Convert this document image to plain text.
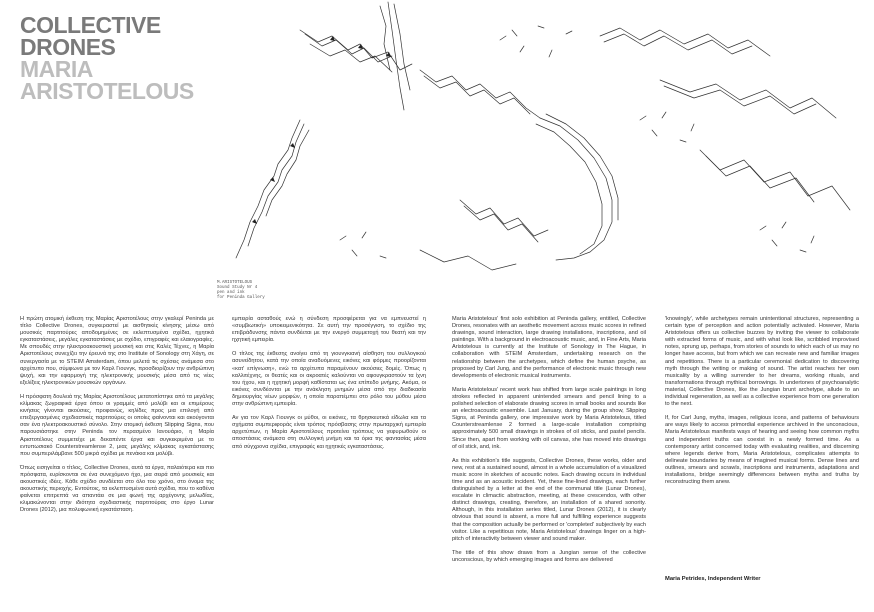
COLLECTIVE
DRONES
MARIA
ARISTOTELOUS
M.ARISTOTELOUS
Sound Study Nr 4
pen and ink
for Peninda Gallery

Η πρώτη ατομική έκθεση της Μαρίας Αριστοτέλους στην γκαλερί Peninda με τίτλο Collective Drones, συγκεραστεί με αισθητικές κίνησης μέσω από μουσικές παρτιτούρες αποδομημένες σε εκλεπτυσμένα σχέδια, ηχητικά εγκαταστάσεις, μεγάλες εγκαταστάσεις με σχέδιο, επιγραφές και ελαιογραφίες. Με σπουδές στην ηλεκτροακουστική μουσική και στις Καλές Τέχνες, η Μαρία Αριστοτέλους συνεχίζει την έρευνά της στο Institute of Sonology στη Χάγη, σε συνεργασία με το STEIM Amsterdam, όπου μελετά τις σχέσεις ανάμεσα στο αρχέτυπο που, σύμφωνα με τον Καρλ Γιουνγκ, προσδιορίζουν την ανθρώπινη ψυχή, και την εφαρμογή της ηλεκτρονικής μουσικής μέσα από τις νέες εξελίξεις ηλεκτρονικών μουσικών οργάνων.

Η πρόσφατη δουλειά της Μαρίας Αριστοτέλους μετατοπίστηκε από τα μεγάλης κλίμακας ζωγραφικά έργα όπου οι γραμμές από μολύβι και οι επιμέρους κινήσεις γίνονται ακούσιες, προφανώς, κηλίδες προς μια επιλογή από επεξεργασμένες σχεδιαστικές παρτιτούρες οι οποίες φαίνονται και ακούγονται σαν ένα ηλεκτροακουστικό σύνολο. Στην ατομική έκθεση Slipping Signs, που παρουσιάστηκε στην Peninda τον περασμένο Ιανουάριο, η Μαρία Αριστοτέλους συμμετείχε με δεκαπέντε έργα και συγκεκριμένα με το εντυπωσιακό Counterstreamlense 2, μιας μεγάλης κλίμακας εγκατάστασης που συμπεριλάμβανε 500 μικρά σχέδια με πενάκια και μολύβι.

Όπως εισηγείται ο τίτλος, Collective Drones, αυτά τα έργα, παλαιότερα και πιο πρόσφατα, ευρίσκονται σε ένα συνεχόμενο ήχο, μια σειρά από μουσικές και ακουστικές ιδέες. Κάθε σχέδιο συνδέεται στο όλο του χρόνο, στο όνομα της ακουστικής περιοχής. Εντούτοις, τα εκλεπτυσμένα αυτά σχέδια, που το καθένα φαίνεται επιτρεπτά να απαντάει σε μια φωνή της αρχέγονης μελωδίας, κλιμακώνονται στην ιδιότητα σχεδιαστικής παρτιτούρας στο έργο Lunar Drones (2012), μια πολυφωνική εγκατάσταση.

εμπειρία ασταθούς ενώ η σύνδεση προσφέρεται για να εμπνευστεί η «συμβιωτική» υποκειμενικότητα. Σε αυτή την προσέγγιση, το σχέδιο της επιβράδυνσης πάντα συνδέεται με την ενεργό συμμετοχή του θεατή και την ηχητική εμπειρία.

Ο τίτλος της έκθεσης ανοίγει από τη γιουνγκιανή αίσθηση του συλλογικού ασυνείδητου, κατά την οποία αναδυόμενες εικόνες και φόρμες προορίζονται «κατ' επίγνωση», ενώ τα αρχέτυπα παραμένουν ακούσιες δομές. Όπως η καλλιτέχνης, οι θεατές και οι ακροατές καλούνται να αφουγκραστούν τα ίχνη του ήχου, και η ηχητική μορφή καθίσταται ως ένα επίπεδο μνήμης. Ακόμα, οι εικόνες συνδέονται με την ανάκληση μνημών μέσα από την διαδικασία δημιουργίας νέων μορφών, η οποία παραπέμπει στο ρόλο του μύθου μέσα στην ανθρώπινη εμπειρία.

Αν για τον Καρλ Γιουνγκ οι μύθοι, οι εικόνες, τα θρησκευτικά είδωλα και τα σχήματα συμπεριφοράς είναι τρόπος πρόσβασης στην πρωταρχική εμπειρία αρχετύπων, η Μαρία Αριστοτέλους προτείνει τρόπους να γεφυρωθούν οι αποστάσεις ανάμεσα στη συλλογική μνήμη και τα όρια της φαντασίας μέσα από σύγχρονα σχέδια, επιγραφές και ηχητικές εγκαταστάσεις.

Maria Aristotelous' first solo exhibition at Peninda gallery, entitled, Collective Drones, resonates with an aesthetic movement across music scores in refined drawings, sound interaction, large drawing installations, inscriptions, and oil paintings. With a background in electroacoustic music, and, in Fine Arts, Maria Aristotelous is currently at the Institute of Sonology in The Hague, in collaboration with STEIM Amsterdam, undertaking research on the relationship between the archetypes, which define the human psyche, as proposed by Carl Jung, and the performance of electronic music through new developments of electronic musical instruments.

Maria Aristotelous' recent work has shifted from large scale paintings in long strokes reflected in apparent unintended smears and pencil lining to a polished selection of elaborate drawing scores in small books and sounds like an electroacoustic ensemble. Last January, during the group show, Slipping Signs, at Peninda gallery, one impressive work by Maria Aristotelous, titled Counterstreamlense 2 formed a large-scale installation comprising approximately 500 small drawings in strokes of oil sticks, and pastel pencils. Since then, apart from working with oil canvas, she has moved into drawings of oil stick, and, ink.

As this exhibition's title suggests, Collective Drones, these works, older and new, rest at a sustained sound, almost in a whole accumulation of a visualized music score in sketches of acoustic notes. Each drawing occurs in individual time and as an acoustic incident. Yet, these fine-lined drawings, each further distinguished by a letter at the end of the communal title (Lunar Drones), escalate in climactic abstraction, meeting, at these crescendos, with other distinct drawings, creating, therefore, an installation of a shared sonority. Although, in this installation series titled, Lunar Drones (2012), it is clearly obvious that sound is absent, a more full and fulfilling experience suggests that the composition actually be performed or 'completed' subjectively by each visitor. Like a repetitious note, Maria Aristotelous' drawings linger on a high-pitch of interactivity between viewer and sound maker.

The title of this show draws from a Jungian sense of the collective unconscious, by which emerging images and forms are delivered

'knowingly', while archetypes remain unintentional structures, representing a certain type of perception and action potentially activated. However, Maria Aristotelous offers us collective buzzes by inviting the viewer to collaborate with extracted forms of music, and with what look like, scribbled improvised notes, sprung up, perhaps, from stories of sounds to which each of us may no longer have access, but from which we can recreate new and familiar images and repetitions. There is a particular ceremonial dedication to discovering myth through the writing or making of sound. The artist reaches her own musicality by a willing surrender to her dreams, working rituals, and transformations through mythical borrowings. In undertones of psychoanalytic material, Collective Drones, like the Jungian brunt archetype, allude to an individual regeneration, as well as a collective experience from one generation to the next.

If, for Carl Jung, myths, images, religious icons, and patterns of behaviours are ways likely to access primordial experience archived in the unconscious, Maria Aristotelous manifests ways of hearing and seeing how common myths and independent truths can coexist in a newly formed time. As a contemporary artist concerned today with evaluating realities, and discerning where legends derive from, Maria Aristotelous, complicates attempts to delineate boundaries by means of imagined musical forms. Dense lines and outlines, smears and scrawls, inscriptions and instruments, adaptations and installations, bridge seemingly differences between myths and truths by reconstructing them anew.

Maria Petrides, Independent Writer
